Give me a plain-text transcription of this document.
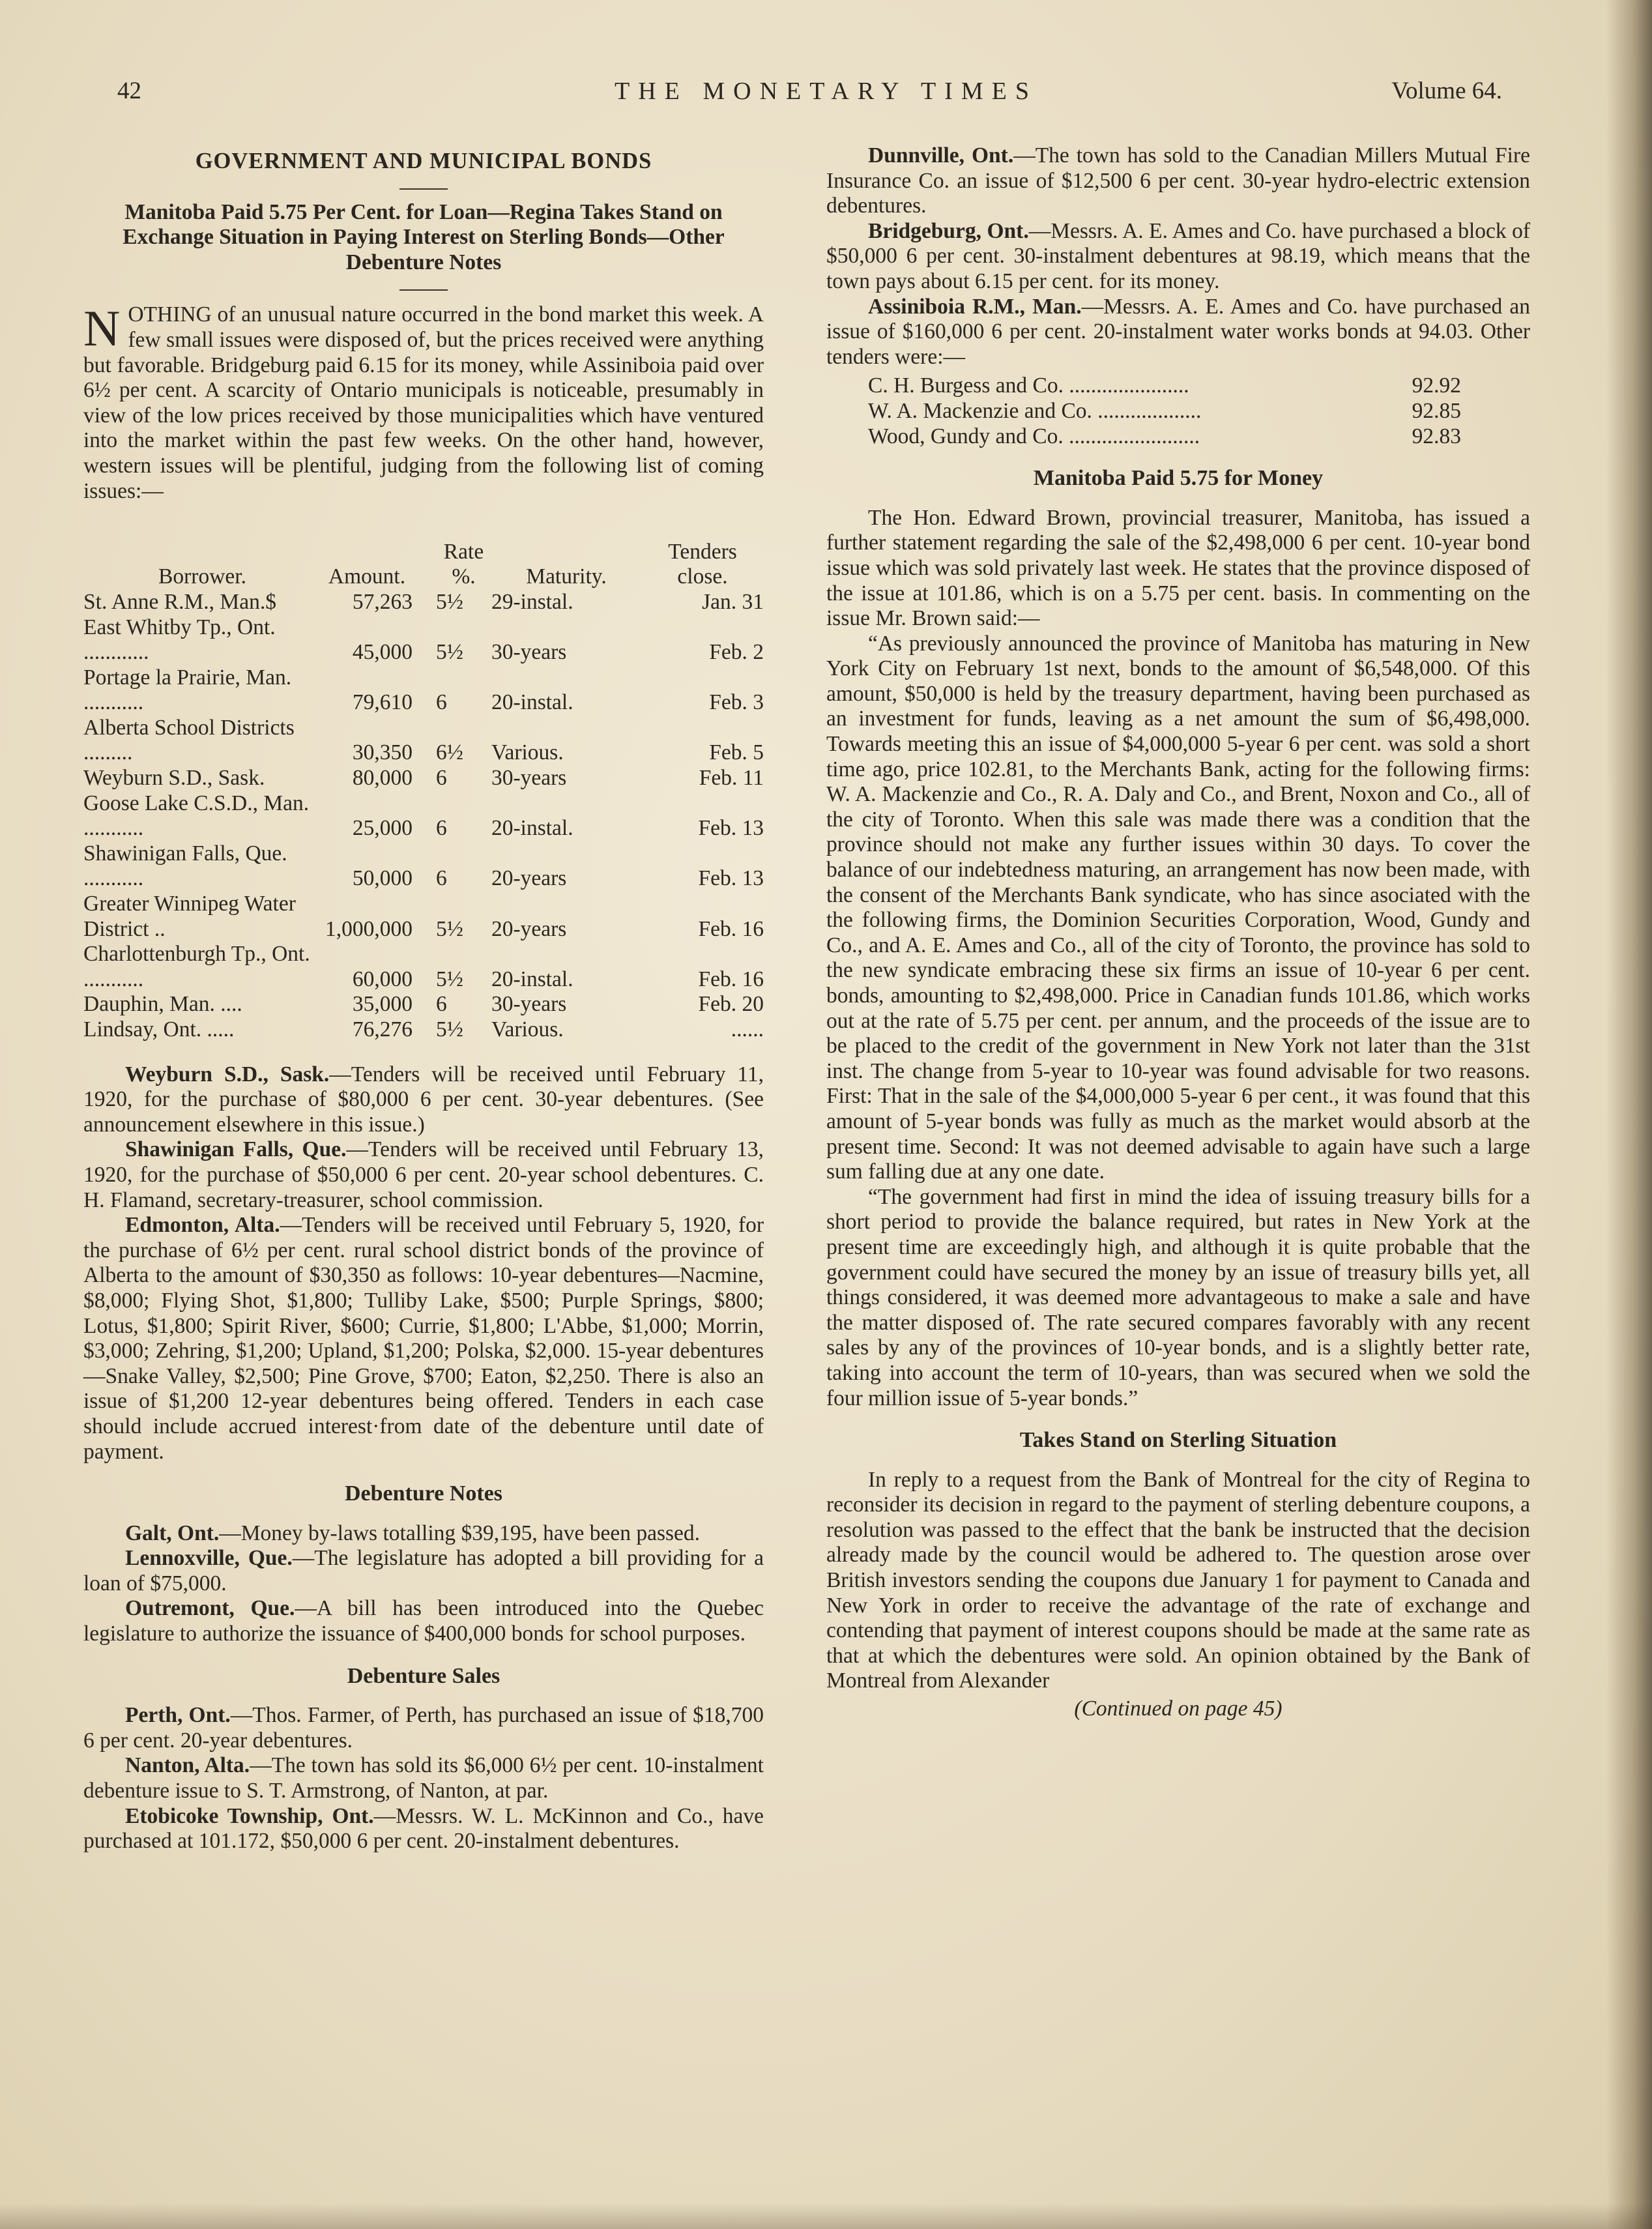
42	THE MONETARY TIMES	Volume 64.
GOVERNMENT AND MUNICIPAL BONDS
Manitoba Paid 5.75 Per Cent. for Loan—Regina Takes Stand on Exchange Situation in Paying Interest on Sterling Bonds—Other Debenture Notes

NOTHING of an unusual nature occurred in the bond market this week. A few small issues were disposed of, but the prices received were anything but favorable. Bridgeburg paid 6.15 for its money, while Assiniboia paid over 6½ per cent. A scarcity of Ontario municipals is noticeable, presumably in view of the low prices received by those municipalities which have ventured into the market within the past few weeks. On the other hand, however, western issues will be plentiful, judging from the following list of coming issues:—

Borrower.	Amount.	Rate %.	Maturity.	Tenders
close.
St. Anne R.M., Man.$	57,263	5½	29-instal.	Jan. 31
East Whitby Tp., Ont. ............	45,000	5½	30-years	Feb. 2
Portage la Prairie, Man. ...........	79,610	6	20-instal.	Feb. 3
Alberta School Districts .........	30,350	6½	Various.	Feb. 5
Weyburn S.D., Sask.	80,000	6	30-years	Feb. 11
Goose Lake C.S.D., Man. ...........	25,000	6	20-instal.	Feb. 13
Shawinigan Falls, Que. ...........	50,000	6	20-years	Feb. 13
Greater Winnipeg Water District ..	1,000,000	5½	20-years	Feb. 16
Charlottenburgh Tp., Ont. ...........	60,000	5½	20-instal.	Feb. 16
Dauphin, Man. ....	35,000	6	30-years	Feb. 20
Lindsay, Ont. .....	76,276	5½	Various.	......

Weyburn S.D., Sask.—Tenders will be received until February 11, 1920, for the purchase of $80,000 6 per cent. 30-year debentures. (See announcement elsewhere in this issue.)

Shawinigan Falls, Que.—Tenders will be received until February 13, 1920, for the purchase of $50,000 6 per cent. 20-year school debentures. C. H. Flamand, secretary-treasurer, school commission.

Edmonton, Alta.—Tenders will be received until February 5, 1920, for the purchase of 6½ per cent. rural school district bonds of the province of Alberta to the amount of $30,350 as follows: 10-year debentures—Nacmine, $8,000; Flying Shot, $1,800; Tulliby Lake, $500; Purple Springs, $800; Lotus, $1,800; Spirit River, $600; Currie, $1,800; L'Abbe, $1,000; Morrin, $3,000; Zehring, $1,200; Upland, $1,200; Polska, $2,000. 15-year debentures—Snake Valley, $2,500; Pine Grove, $700; Eaton, $2,250. There is also an issue of $1,200 12-year debentures being offered. Tenders in each case should include accrued interest·from date of the debenture until date of payment.

Debenture Notes

Galt, Ont.—Money by-laws totalling $39,195, have been passed.

Lennoxville, Que.—The legislature has adopted a bill providing for a loan of $75,000.

Outremont, Que.—A bill has been introduced into the Quebec legislature to authorize the issuance of $400,000 bonds for school purposes.

Debenture Sales

Perth, Ont.—Thos. Farmer, of Perth, has purchased an issue of $18,700 6 per cent. 20-year debentures.

Nanton, Alta.—The town has sold its $6,000 6½ per cent. 10-instalment debenture issue to S. T. Armstrong, of Nanton, at par.

Etobicoke Township, Ont.—Messrs. W. L. McKinnon and Co., have purchased at 101.172, $50,000 6 per cent. 20-instalment debentures.

Dunnville, Ont.—The town has sold to the Canadian Millers Mutual Fire Insurance Co. an issue of $12,500 6 per cent. 30-year hydro-electric extension debentures.

Bridgeburg, Ont.—Messrs. A. E. Ames and Co. have purchased a block of $50,000 6 per cent. 30-instalment debentures at 98.19, which means that the town pays about 6.15 per cent. for its money.

Assiniboia R.M., Man.—Messrs. A. E. Ames and Co. have purchased an issue of $160,000 6 per cent. 20-instalment water works bonds at 94.03. Other tenders were:—

C. H. Burgess and Co. ......................	92.92
W. A. Mackenzie and Co. ...................	92.85
Wood, Gundy and Co. ........................	92.83
Manitoba Paid 5.75 for Money

The Hon. Edward Brown, provincial treasurer, Manitoba, has issued a further statement regarding the sale of the $2,498,000 6 per cent. 10-year bond issue which was sold privately last week. He states that the province disposed of the issue at 101.86, which is on a 5.75 per cent. basis. In commenting on the issue Mr. Brown said:—

“As previously announced the province of Manitoba has maturing in New York City on February 1st next, bonds to the amount of $6,548,000. Of this amount, $50,000 is held by the treasury department, having been purchased as an investment for funds, leaving as a net amount the sum of $6,498,000. Towards meeting this an issue of $4,000,000 5-year 6 per cent. was sold a short time ago, price 102.81, to the Merchants Bank, acting for the following firms: W. A. Mackenzie and Co., R. A. Daly and Co., and Brent, Noxon and Co., all of the city of Toronto. When this sale was made there was a condition that the province should not make any further issues within 30 days. To cover the balance of our indebtedness maturing, an arrangement has now been made, with the consent of the Merchants Bank syndicate, who has since asociated with the the following firms, the Dominion Securities Corporation, Wood, Gundy and Co., and A. E. Ames and Co., all of the city of Toronto, the province has sold to the new syndicate embracing these six firms an issue of 10-year 6 per cent. bonds, amounting to $2,498,000. Price in Canadian funds 101.86, which works out at the rate of 5.75 per cent. per annum, and the proceeds of the issue are to be placed to the credit of the government in New York not later than the 31st inst. The change from 5-year to 10-year was found advisable for two reasons. First: That in the sale of the $4,000,000 5-year 6 per cent., it was found that this amount of 5-year bonds was fully as much as the market would absorb at the present time. Second: It was not deemed advisable to again have such a large sum falling due at any one date.

“The government had first in mind the idea of issuing treasury bills for a short period to provide the balance required, but rates in New York at the present time are exceedingly high, and although it is quite probable that the government could have secured the money by an issue of treasury bills yet, all things considered, it was deemed more advantageous to make a sale and have the matter disposed of. The rate secured compares favorably with any recent sales by any of the provinces of 10-year bonds, and is a slightly better rate, taking into account the term of 10-years, than was secured when we sold the four million issue of 5-year bonds.”

Takes Stand on Sterling Situation

In reply to a request from the Bank of Montreal for the city of Regina to reconsider its decision in regard to the payment of sterling debenture coupons, a resolution was passed to the effect that the bank be instructed that the decision already made by the council would be adhered to. The question arose over British investors sending the coupons due January 1 for payment to Canada and New York in order to receive the advantage of the rate of exchange and contending that payment of interest coupons should be made at the same rate as that at which the debentures were sold. An opinion obtained by the Bank of Montreal from Alexander

(Continued on page 45)
